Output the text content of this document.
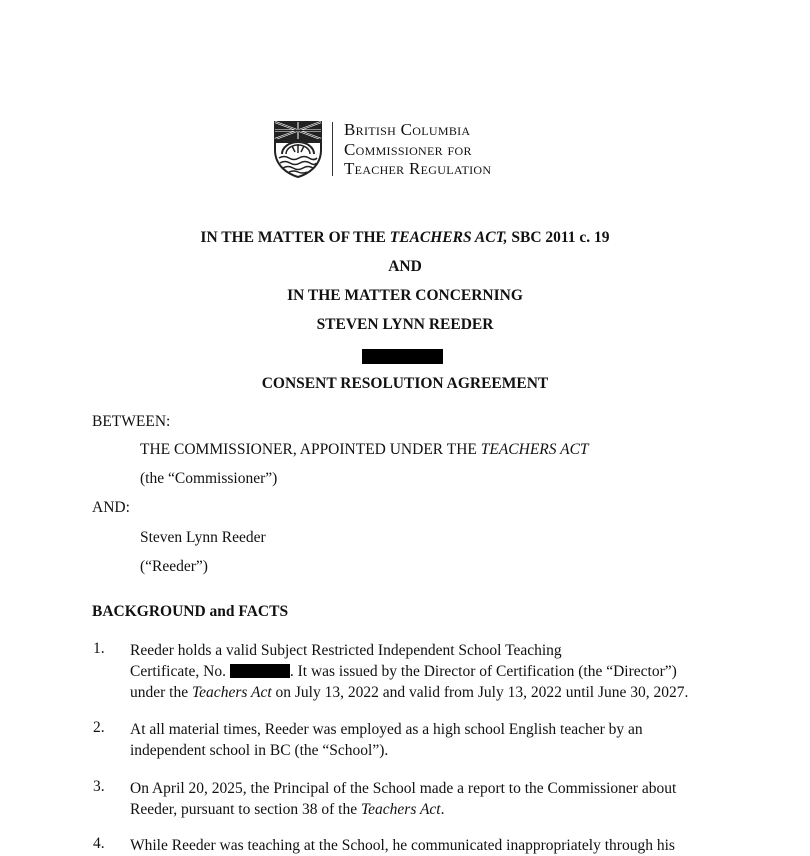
British Columbia
Commissioner for
Teacher Regulation
IN THE MATTER OF THE TEACHERS ACT, SBC 2011 c. 19
AND
IN THE MATTER CONCERNING
STEVEN LYNN REEDER
CONSENT RESOLUTION AGREEMENT
BETWEEN:
THE COMMISSIONER, APPOINTED UNDER THE TEACHERS ACT
(the “Commissioner”)
AND:
Steven Lynn Reeder
(“Reeder”)
BACKGROUND and FACTS
1. Reeder holds a valid Subject Restricted Independent School Teaching
Certificate, No.	. It was issued by the Director of Certification (the “Director”)
under the Teachers Act on July 13, 2022 and valid from July 13, 2022 until June 30, 2027.
2. At all material times, Reeder was employed as a high school English teacher by an
independent school in BC (the “School”).
3. On April 20, 2025, the Principal of the School made a report to the Commissioner about
Reeder, pursuant to section 38 of the Teachers Act.
4. While Reeder was teaching at the School, he communicated inappropriately through his
